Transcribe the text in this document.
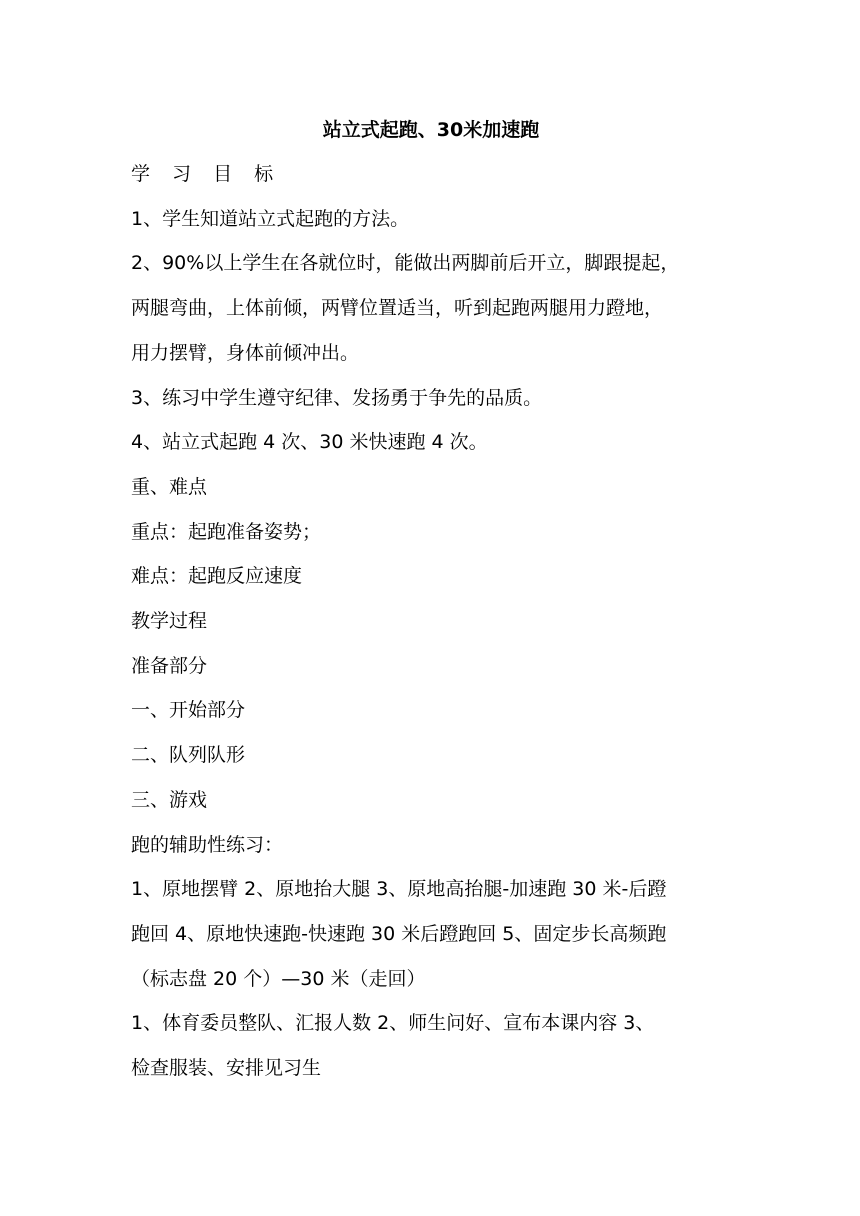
站立式起跑、30米加速跑
学 习 目 标
1、学生知道站立式起跑的方法。
2、90%以上学生在各就位时，能做出两脚前后开立，脚跟提起，
两腿弯曲，上体前倾，两臂位置适当，听到起跑两腿用力蹬地，
用力摆臂，身体前倾冲出。
3、练习中学生遵守纪律、发扬勇于争先的品质。
4、站立式起跑 4 次、30 米快速跑 4 次。
重、难点
重点：起跑准备姿势；
难点：起跑反应速度
教学过程
准备部分
一、开始部分
二、队列队形
三、游戏
跑的辅助性练习：
1、原地摆臂 2、原地抬大腿 3、原地高抬腿-加速跑 30 米-后蹬
跑回 4、原地快速跑-快速跑 30 米后蹬跑回 5、固定步长高频跑
（标志盘 20 个）—30 米（走回）
1、体育委员整队、汇报人数 2、师生问好、宣布本课内容 3、
检查服装、安排见习生
